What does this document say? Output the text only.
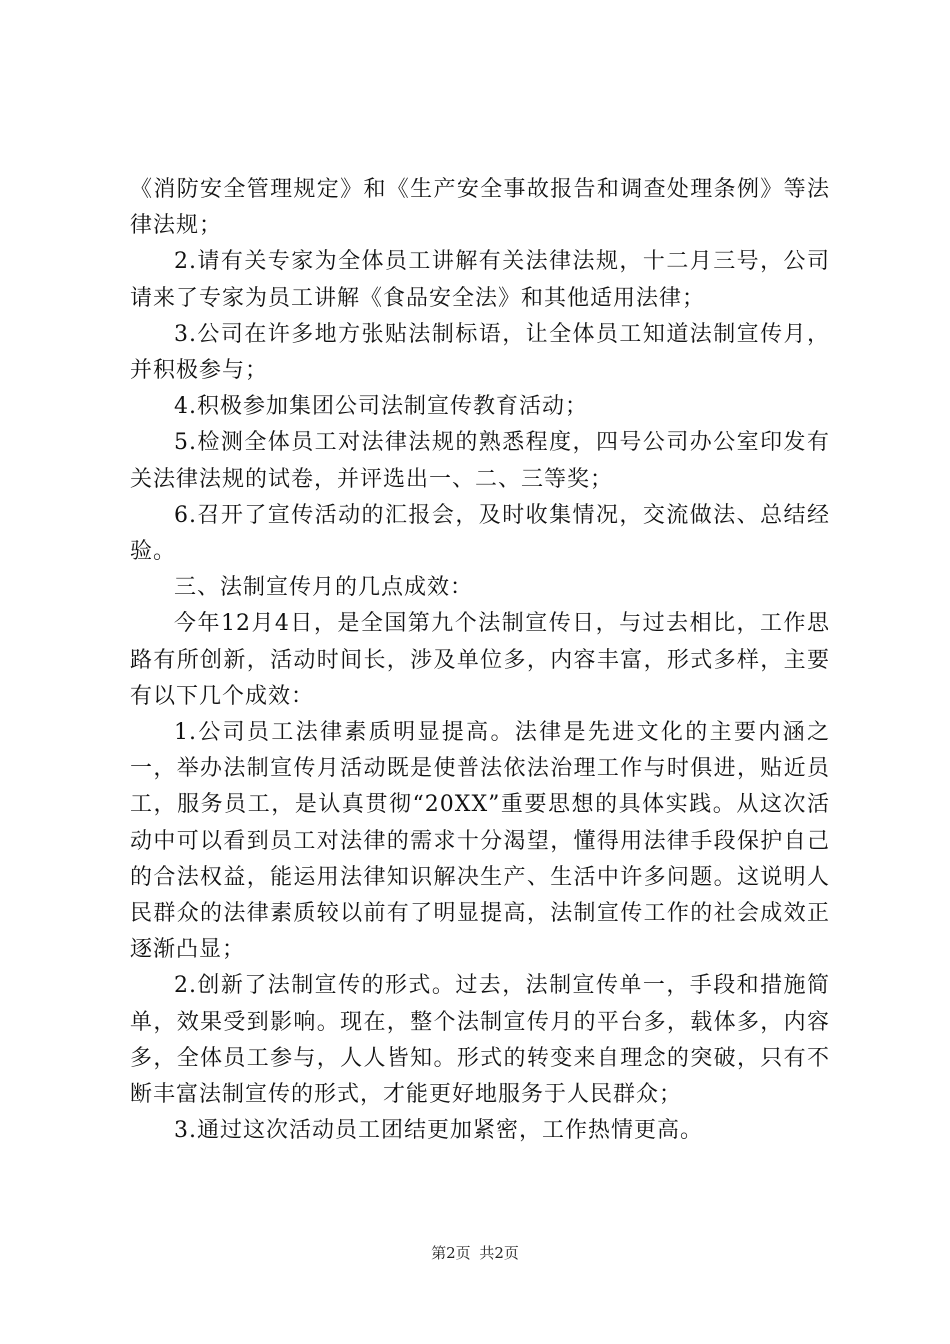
《消防安全管理规定》和《生产安全事故报告和调查处理条例》等法律法规；

2.请有关专家为全体员工讲解有关法律法规，十二月三号，公司请来了专家为员工讲解《食品安全法》和其他适用法律；

3.公司在许多地方张贴法制标语，让全体员工知道法制宣传月，并积极参与；

4.积极参加集团公司法制宣传教育活动；

5.检测全体员工对法律法规的熟悉程度，四号公司办公室印发有关法律法规的试卷，并评选出一、二、三等奖；

6.召开了宣传活动的汇报会，及时收集情况，交流做法、总结经验。

三、法制宣传月的几点成效：

今年12月4日，是全国第九个法制宣传日，与过去相比，工作思路有所创新，活动时间长，涉及单位多，内容丰富，形式多样，主要有以下几个成效：

1.公司员工法律素质明显提高。法律是先进文化的主要内涵之一，举办法制宣传月活动既是使普法依法治理工作与时俱进，贴近员工，服务员工，是认真贯彻“20XX”重要思想的具体实践。从这次活动中可以看到员工对法律的需求十分渴望，懂得用法律手段保护自己的合法权益，能运用法律知识解决生产、生活中许多问题。这说明人民群众的法律素质较以前有了明显提高，法制宣传工作的社会成效正逐渐凸显；

2.创新了法制宣传的形式。过去，法制宣传单一，手段和措施简单，效果受到影响。现在，整个法制宣传月的平台多，载体多，内容多，全体员工参与，人人皆知。形式的转变来自理念的突破，只有不断丰富法制宣传的形式，才能更好地服务于人民群众；

3.通过这次活动员工团结更加紧密，工作热情更高。

第2页 共2页
